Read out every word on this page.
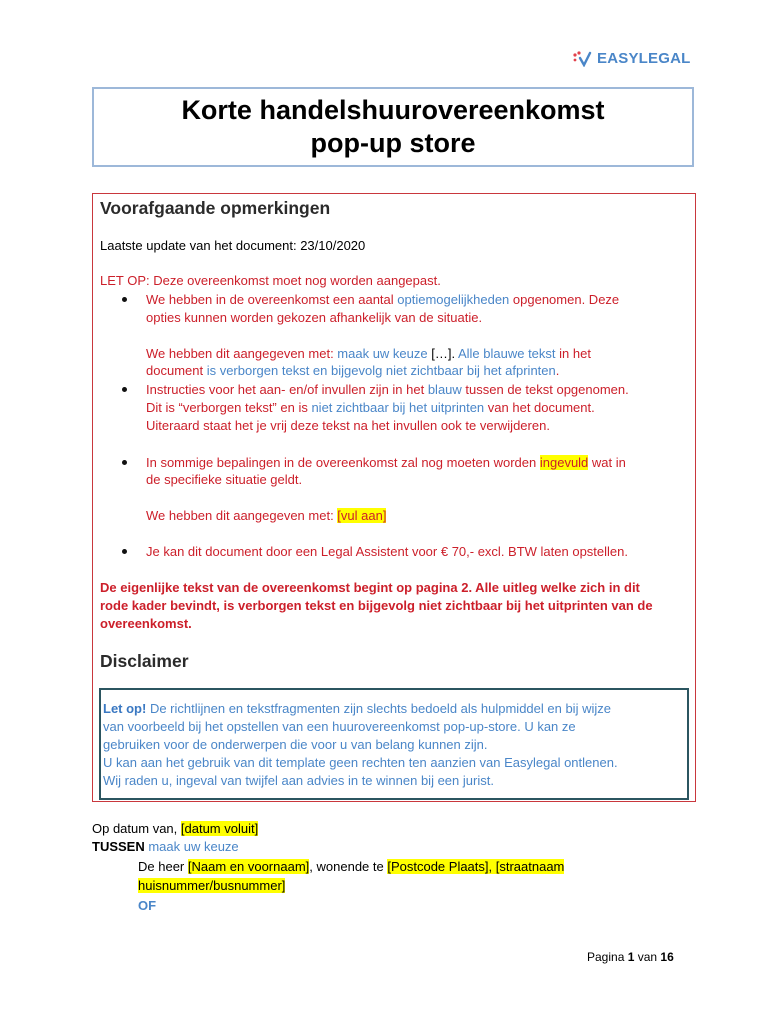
EASYLEGAL
Korte handelshuurovereenkomst
pop-up store
Voorafgaande opmerkingen
Laatste update van het document: 23/10/2020
LET OP: Deze overeenkomst moet nog worden aangepast.
We hebben in de overeenkomst een aantal optiemogelijkheden opgenomen. Deze
opties kunnen worden gekozen afhankelijk van de situatie.
We hebben dit aangegeven met: maak uw keuze […]. Alle blauwe tekst in het
document is verborgen tekst en bijgevolg niet zichtbaar bij het afprinten.
Instructies voor het aan- en/of invullen zijn in het blauw tussen de tekst opgenomen.
Dit is “verborgen tekst” en is niet zichtbaar bij het uitprinten van het document.
Uiteraard staat het je vrij deze tekst na het invullen ook te verwijderen.
In sommige bepalingen in de overeenkomst zal nog moeten worden ingevuld wat in
de specifieke situatie geldt.
We hebben dit aangegeven met: [vul aan]
Je kan dit document door een Legal Assistent voor € 70,- excl. BTW laten opstellen.
De eigenlijke tekst van de overeenkomst begint op pagina 2. Alle uitleg welke zich in dit
rode kader bevindt, is verborgen tekst en bijgevolg niet zichtbaar bij het uitprinten van de
overeenkomst.
Disclaimer
Let op! De richtlijnen en tekstfragmenten zijn slechts bedoeld als hulpmiddel en bij wijze
van voorbeeld bij het opstellen van een huurovereenkomst pop-up-store. U kan ze
gebruiken voor de onderwerpen die voor u van belang kunnen zijn.
U kan aan het gebruik van dit template geen rechten ten aanzien van Easylegal ontlenen.
Wij raden u, ingeval van twijfel aan advies in te winnen bij een jurist.
Op datum van, [datum voluit]
TUSSEN maak uw keuze
De heer [Naam en voornaam], wonende te [Postcode Plaats], [straatnaam
huisnummer/busnummer]
OF
Pagina 1 van 16
